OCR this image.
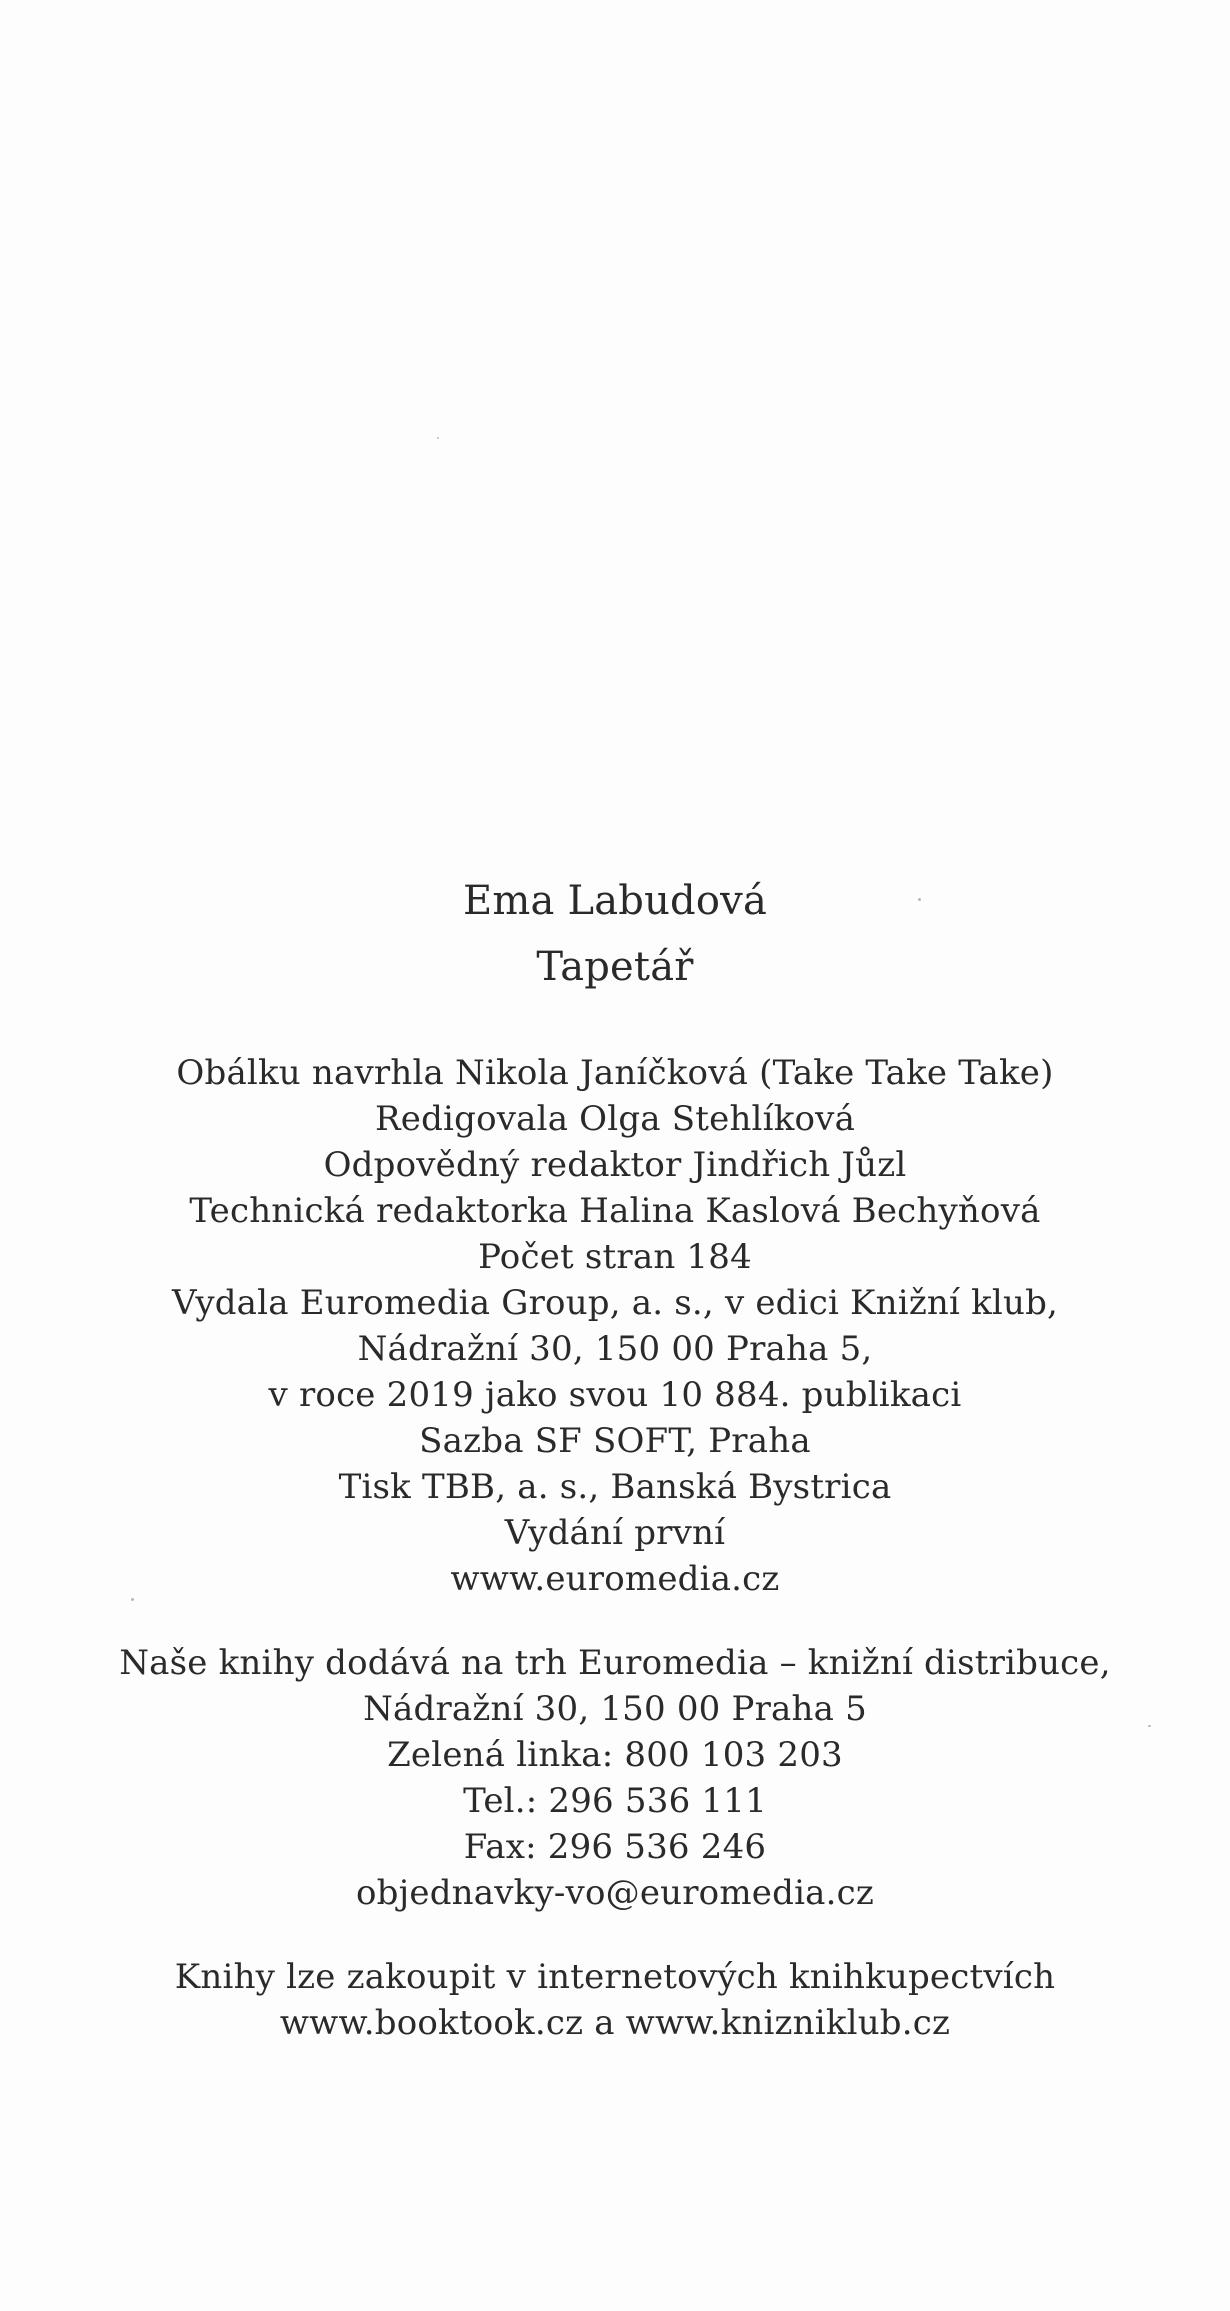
Ema Labudová
Tapetář
Obálku navrhla Nikola Janíčková (Take Take Take)
Redigovala Olga Stehlíková
Odpovědný redaktor Jindřich Jůzl
Technická redaktorka Halina Kaslová Bechyňová
Počet stran 184
Vydala Euromedia Group, a. s., v edici Knižní klub,
Nádražní 30, 150 00 Praha 5,
v roce 2019 jako svou 10 884. publikaci
Sazba SF SOFT, Praha
Tisk TBB, a. s., Banská Bystrica
Vydání první
www.euromedia.cz
Naše knihy dodává na trh Euromedia – knižní distribuce,
Nádražní 30, 150 00 Praha 5
Zelená linka: 800 103 203
Tel.: 296 536 111
Fax: 296 536 246
objednavky-vo@euromedia.cz
Knihy lze zakoupit v internetových knihkupectvích
www.booktook.cz a www.knizniklub.cz
